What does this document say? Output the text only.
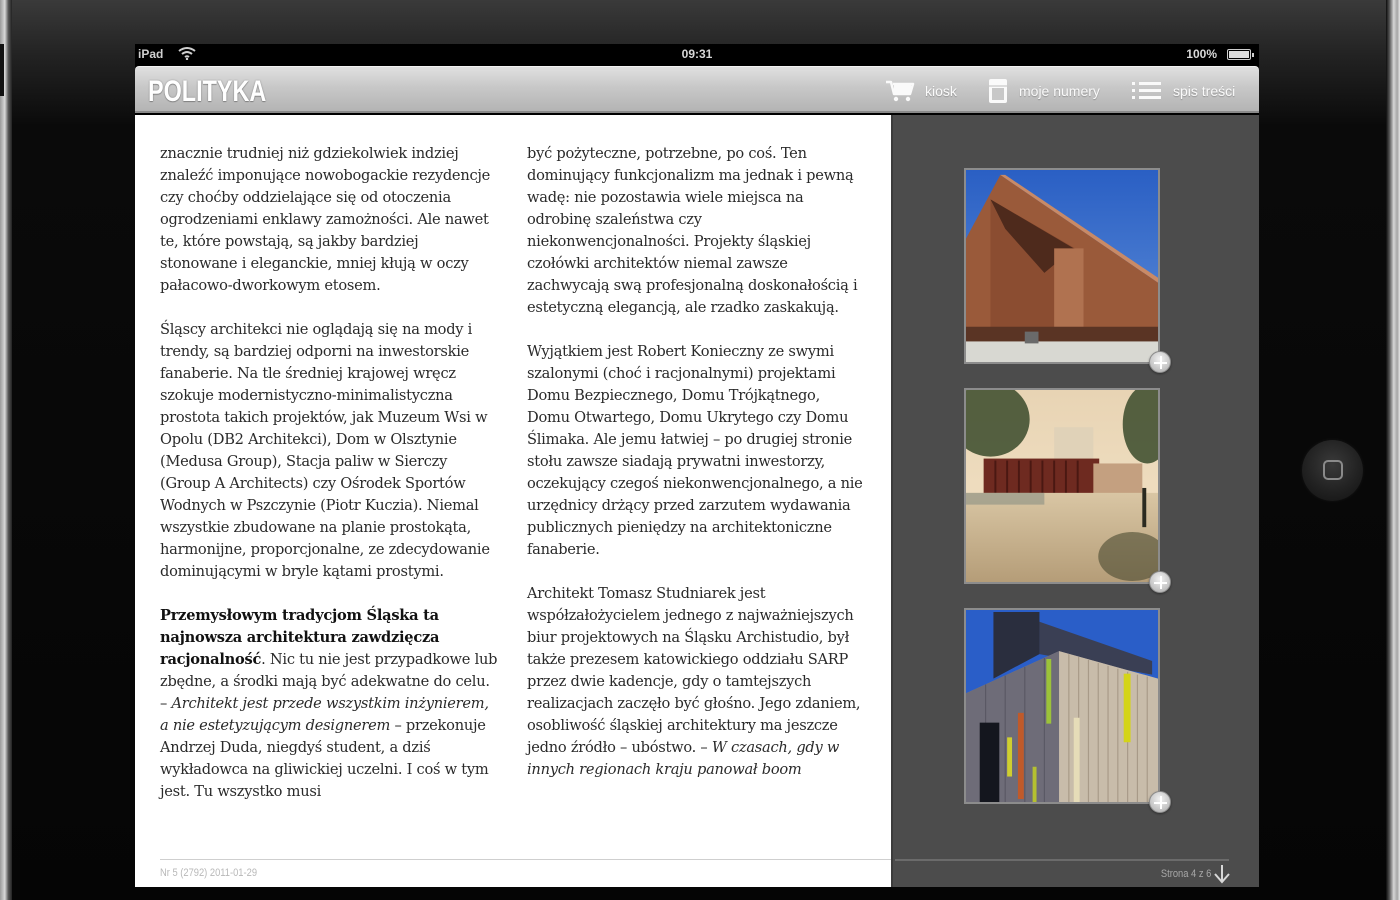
iPad	09:31	100%
POLITYKA	kiosk	moje numery	spis treści

znacznie trudniej niż gdziekolwiek indziej znaleźć imponujące nowobogackie rezydencje czy choćby oddzielające się od otoczenia ogrodzeniami enklawy zamożności. Ale nawet te, które powstają, są jakby bardziej stonowane i eleganckie, mniej kłują w oczy pałacowo-dworkowym etosem.

Śląscy architekci nie oglądają się na mody i trendy, są bardziej odporni na inwestorskie fanaberie. Na tle średniej krajowej wręcz szokuje modernistyczno-minimalistyczna prostota takich projektów, jak Muzeum Wsi w Opolu (DB2 Architekci), Dom w Olsztynie (Medusa Group), Stacja paliw w Sierczy (Group A Architects) czy Ośrodek Sportów Wodnych w Pszczynie (Piotr Kuczia). Niemal wszystkie zbudowane na planie prostokąta, harmonijne, proporcjonalne, ze zdecydowanie dominującymi w bryle kątami prostymi.

Przemysłowym tradycjom Śląska ta najnowsza architektura zawdzięcza racjonalność. Nic tu nie jest przypadkowe lub zbędne, a środki mają być adekwatne do celu. – Architekt jest przede wszystkim inżynierem, a nie estetyzującym designerem – przekonuje Andrzej Duda, niegdyś student, a dziś wykładowca na gliwickiej uczelni. I coś w tym jest. Tu wszystko musi

być pożyteczne, potrzebne, po coś. Ten dominujący funkcjonalizm ma jednak i pewną wadę: nie pozostawia wiele miejsca na odrobinę szaleństwa czy niekonwencjonalności. Projekty śląskiej czołówki architektów niemal zawsze zachwycają swą profesjonalną doskonałością i estetyczną elegancją, ale rzadko zaskakują.

Wyjątkiem jest Robert Konieczny ze swymi szalonymi (choć i racjonalnymi) projektami Domu Bezpiecznego, Domu Trójkątnego, Domu Otwartego, Domu Ukrytego czy Domu Ślimaka. Ale jemu łatwiej – po drugiej stronie stołu zawsze siadają prywatni inwestorzy, oczekujący czegoś niekonwencjonalnego, a nie urzędnicy drżący przed zarzutem wydawania publicznych pieniędzy na architektoniczne fanaberie.

Architekt Tomasz Studniarek jest współzałożycielem jednego z najważniejszych biur projektowych na Śląsku Archistudio, był także prezesem katowickiego oddziału SARP przez dwie kadencje, gdy o tamtejszych realizacjach zaczęło być głośno. Jego zdaniem, osobliwość śląskiej architektury ma jeszcze jedno źródło – ubóstwo. – W czasach, gdy w innych regionach kraju panował boom

Nr 5 (2792) 2011-01-29	Strona 4 z 6
